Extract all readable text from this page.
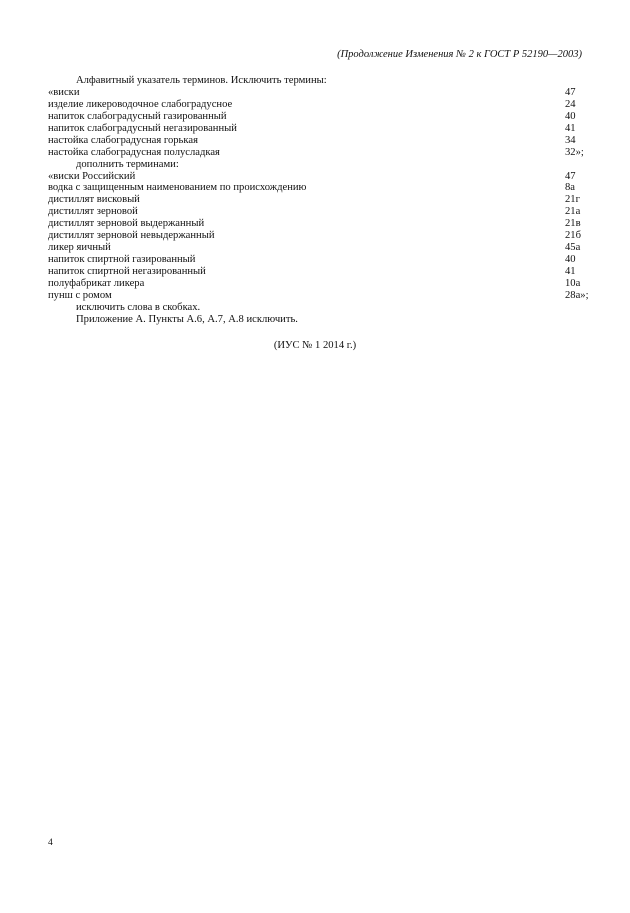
(Продолжение Изменения № 2 к ГОСТ Р 52190—2003)
Алфавитный указатель терминов. Исключить термины:
«виски	47
изделие ликероводочное слабоградусное	24
напиток слабоградусный газированный	40
напиток слабоградусный негазированный	41
настойка слабоградусная горькая	34
настойка слабоградусная полусладкая	32»;
дополнить терминами:
«виски Российский	47
водка с защищенным наименованием по происхождению	8а
дистиллят висковый	21г
дистиллят зерновой	21а
дистиллят зерновой выдержанный	21в
дистиллят зерновой невыдержанный	21б
ликер яичный	45а
напиток спиртной газированный	40
напиток спиртной негазированный	41
полуфабрикат ликера	10а
пунш с ромом	28а»;
исключить слова в скобках.
Приложение А. Пункты А.6, А.7, А.8 исключить.
(ИУС № 1 2014 г.)
4
